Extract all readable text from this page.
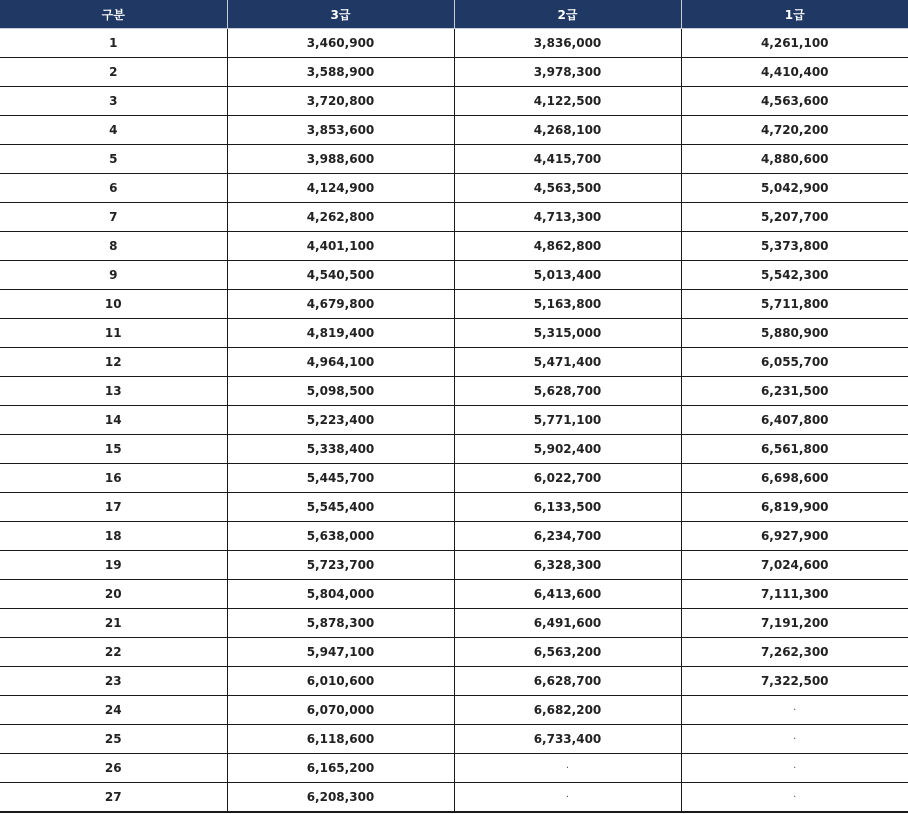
구분	3급	2급	1급
1	3,460,900	3,836,000	4,261,100
2	3,588,900	3,978,300	4,410,400
3	3,720,800	4,122,500	4,563,600
4	3,853,600	4,268,100	4,720,200
5	3,988,600	4,415,700	4,880,600
6	4,124,900	4,563,500	5,042,900
7	4,262,800	4,713,300	5,207,700
8	4,401,100	4,862,800	5,373,800
9	4,540,500	5,013,400	5,542,300
10	4,679,800	5,163,800	5,711,800
11	4,819,400	5,315,000	5,880,900
12	4,964,100	5,471,400	6,055,700
13	5,098,500	5,628,700	6,231,500
14	5,223,400	5,771,100	6,407,800
15	5,338,400	5,902,400	6,561,800
16	5,445,700	6,022,700	6,698,600
17	5,545,400	6,133,500	6,819,900
18	5,638,000	6,234,700	6,927,900
19	5,723,700	6,328,300	7,024,600
20	5,804,000	6,413,600	7,111,300
21	5,878,300	6,491,600	7,191,200
22	5,947,100	6,563,200	7,262,300
23	6,010,600	6,628,700	7,322,500
24	6,070,000	6,682,200	·
25	6,118,600	6,733,400	·
26	6,165,200	·	·
27	6,208,300	·	·
